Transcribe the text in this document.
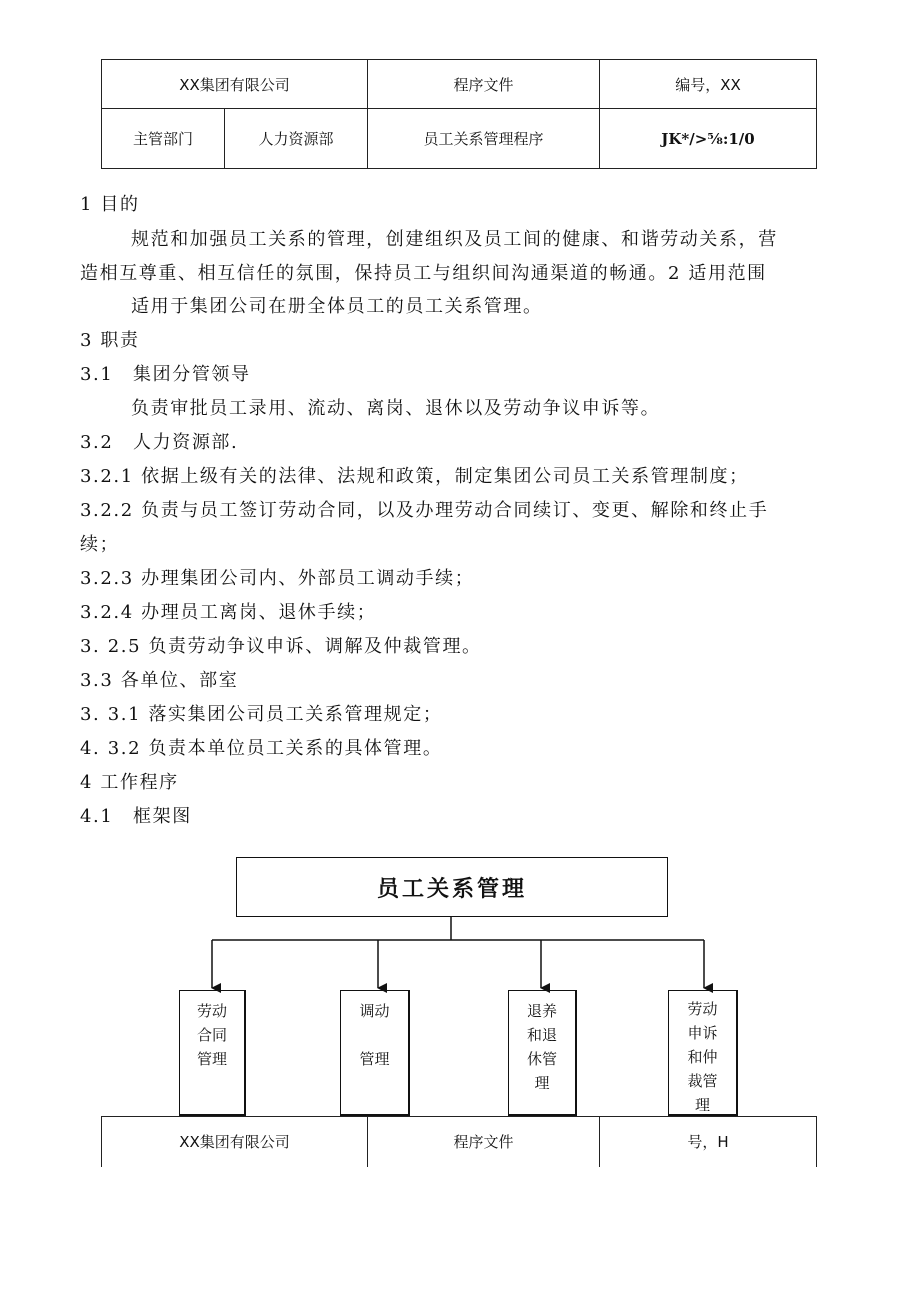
XX集团有限公司		程序文件	编号，XX
主管部门	人力资源部	员工关系管理程序	JK*/>⅝:1/0
1 目的
规范和加强员工关系的管理，创建组织及员工间的健康、和谐劳动关系，营
造相互尊重、相互信任的氛围，保持员工与组织间沟通渠道的畅通。2 适用范围
适用于集团公司在册全体员工的员工关系管理。
3 职责
3.1　集团分管领导
负责审批员工录用、流动、离岗、退休以及劳动争议申诉等。
3.2　人力资源部.
3.2.1 依据上级有关的法律、法规和政策，制定集团公司员工关系管理制度；
3.2.2 负责与员工签订劳动合同，以及办理劳动合同续订、变更、解除和终止手
续；
3.2.3 办理集团公司内、外部员工调动手续；
3.2.4 办理员工离岗、退休手续；
3. 2.5 负责劳动争议申诉、调解及仲裁管理。
3.3 各单位、部室
3. 3.1 落实集团公司员工关系管理规定；
4. 3.2 负责本单位员工关系的具体管理。
4 工作程序
4.1　框架图
员工关系管理
劳动
合同
管理
调动
管理
退养
和退
休管
理
劳动
申诉
和仲
裁管
理
XX集团有限公司	程序文件	号，H
